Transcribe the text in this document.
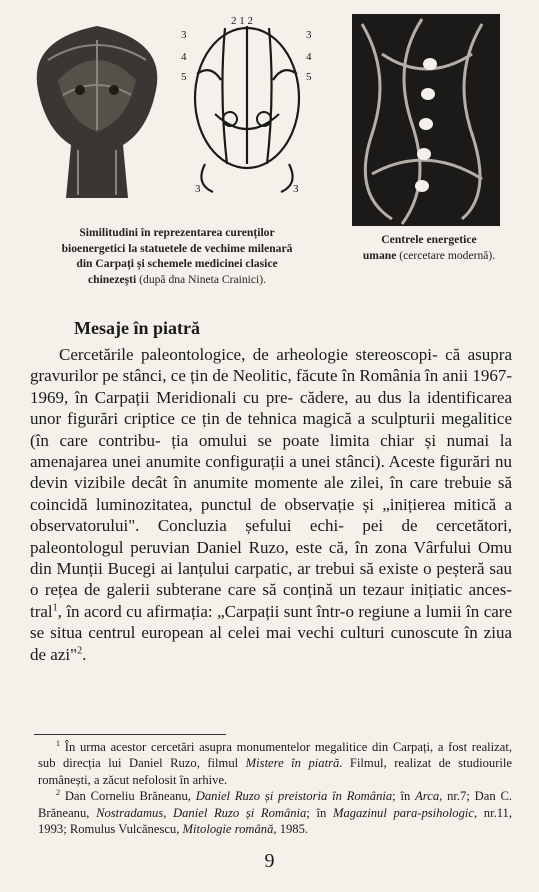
2 1 2
3
4
5
3
4
5
3	3
Similitudini în reprezentarea curenților
bioenergetici la statuetele de vechime milenară
din Carpați și schemele medicinei clasice
chinezești (după dna Nineta Crainici).
Centrele energetice
umane (cercetare modernă).
Mesaje în piatră

Cercetările paleontologice, de arheologie stereoscopi- că asupra gravurilor pe stânci, ce țin de Neolitic, făcute în România în anii 1967-1969, în Carpații Meridionali cu pre- cădere, au dus la identificarea unor figurări criptice ce țin de tehnica magică a sculpturii megalitice (în care contribu- ția omului se poate limita chiar și numai la amenajarea unei anumite configurații a unei stânci). Aceste figurări nu devin vizibile decât în anumite momente ale zilei, în care trebuie să coincidă luminozitatea, punctul de observație și „inițierea mitică a observatorului". Concluzia șefului echi- pei de cercetători, paleontologul peruvian Daniel Ruzo, este că, în zona Vârfului Omu din Munții Bucegi ai lanțului carpatic, ar trebui să existe o peșteră sau o rețea de galerii subterane care să conțină un tezaur inițiatic ances- tral$^1$, în acord cu afirmația: „Carpații sunt într-o regiune a lumii în care se situa centrul european al celei mai vechi culturi cunoscute în ziua de azi"$^2$.

$^1$ În urma acestor cercetări asupra monumentelor megalitice din Carpați, a fost realizat, sub direcția lui Daniel Ruzo, filmul Mistere în piatră. Filmul, realizat de studiourile românești, a zăcut nefolosit în arhive.

$^2$ Dan Corneliu Brăneanu, Daniel Ruzo și preistoria în România; în Arca, nr.7; Dan C. Brăneanu, Nostradamus, Daniel Ruzo și România; în Magazinul para-psihologic, nr.11, 1993; Romulus Vulcănescu, Mitologie română, 1985.

9
